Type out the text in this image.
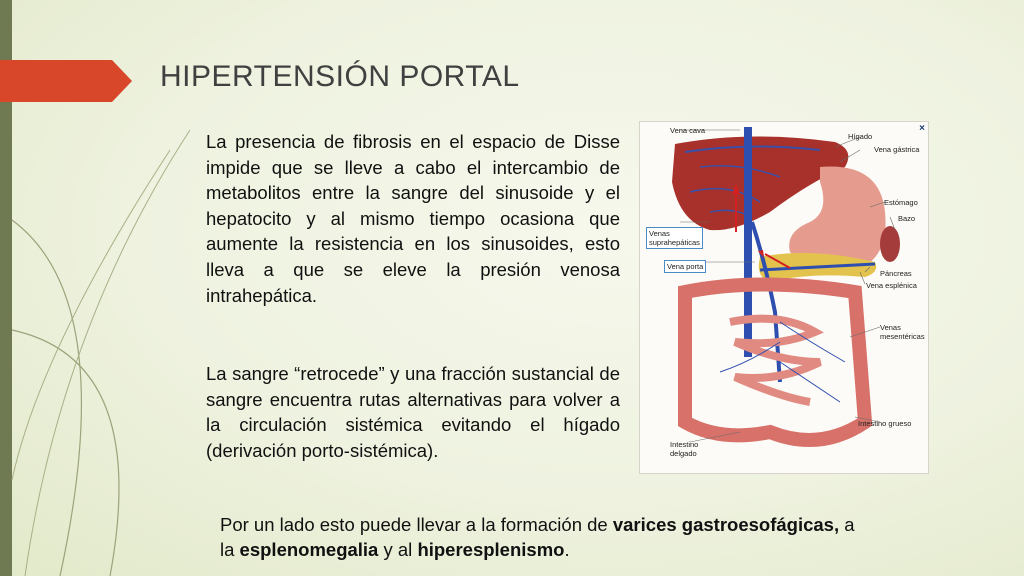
HIPERTENSIÓN PORTAL
La presencia de fibrosis en el espacio de Disse impide que se lleve a cabo el intercambio de metabolitos entre la sangre del sinusoide y el hepatocito y al mismo tiempo ocasiona que aumente la resistencia en los sinusoides, esto lleva a que se eleve la presión venosa intrahepática.
La sangre “retrocede” y una fracción sustancial de sangre encuentra rutas alternativas para volver a la circulación sistémica evitando el hígado (derivación porto-sistémica).
Por un lado esto puede llevar a la formación de varices gastroesofágicas, a la esplenomegalia y al hiperesplenismo.
×
Vena cava
Hígado
Vena gástrica
Estómago
Bazo
Venas
suprahepáticas
Vena porta
Páncreas
Vena esplénica
Venas
mesentéricas
Intestino grueso
Intestino
delgado
